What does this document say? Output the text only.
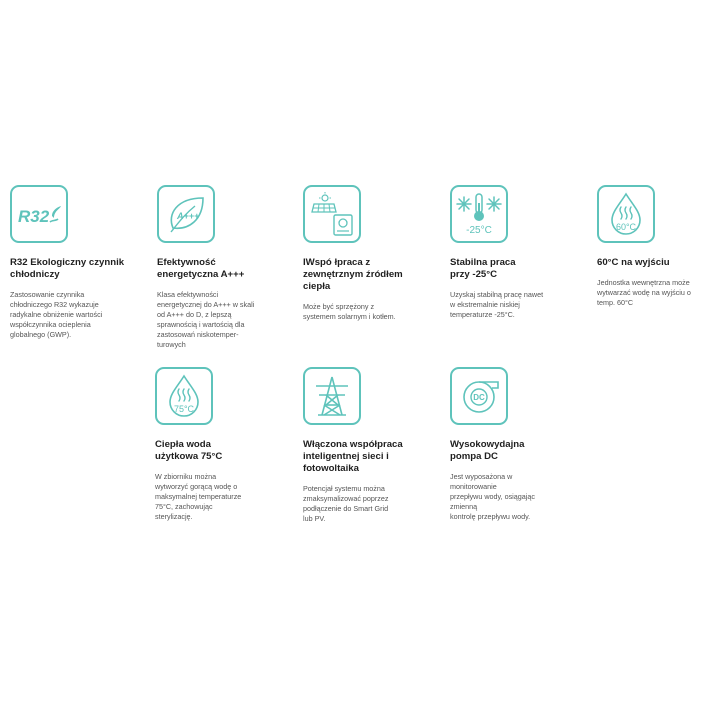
R32
R32 Ekologiczny czynnik
chłodniczy
Zastosowanie czynnika
chłodniczego R32 wykazuje
radykalne obniżenie wartości
współczynnika ocieplenia
globalnego (GWP).
A+++
Efektywność
energetyczna A+++
Klasa efektywności
energetycznej do A+++ w skali
od A+++ do D, z lepszą
sprawnością i wartością dla
zastosowań niskotemper-
turowych
IWspó łpraca z
zewnętrznym źródłem
ciepła
Może być sprzężony z
systemem solarnym i kotłem.
-25°C
Stabilna praca
przy -25°C
Uzyskaj stabilną pracę nawet
w ekstremalnie niskiej
temperaturze -25°C.
60°C
60°C na wyjściu
Jednostka wewnętrzna może
wytwarzać wodę na wyjściu o
temp. 60°C
75°C
Ciepła woda
użytkowa 75°C
W zbiorniku można
wytworzyć gorącą wodę o
maksymalnej temperaturze
75°C, zachowując
sterylizację.
Włączona współpraca
inteligentnej sieci i
fotowoltaika
Potencjał systemu można
zmaksymalizować poprzez
podłączenie do Smart Grid
lub PV.
DC
Wysokowydajna
pompa DC
Jest wyposażona w
monitorowanie
przepływu wody, osiągając
zmienną
kontrolę przepływu wody.
